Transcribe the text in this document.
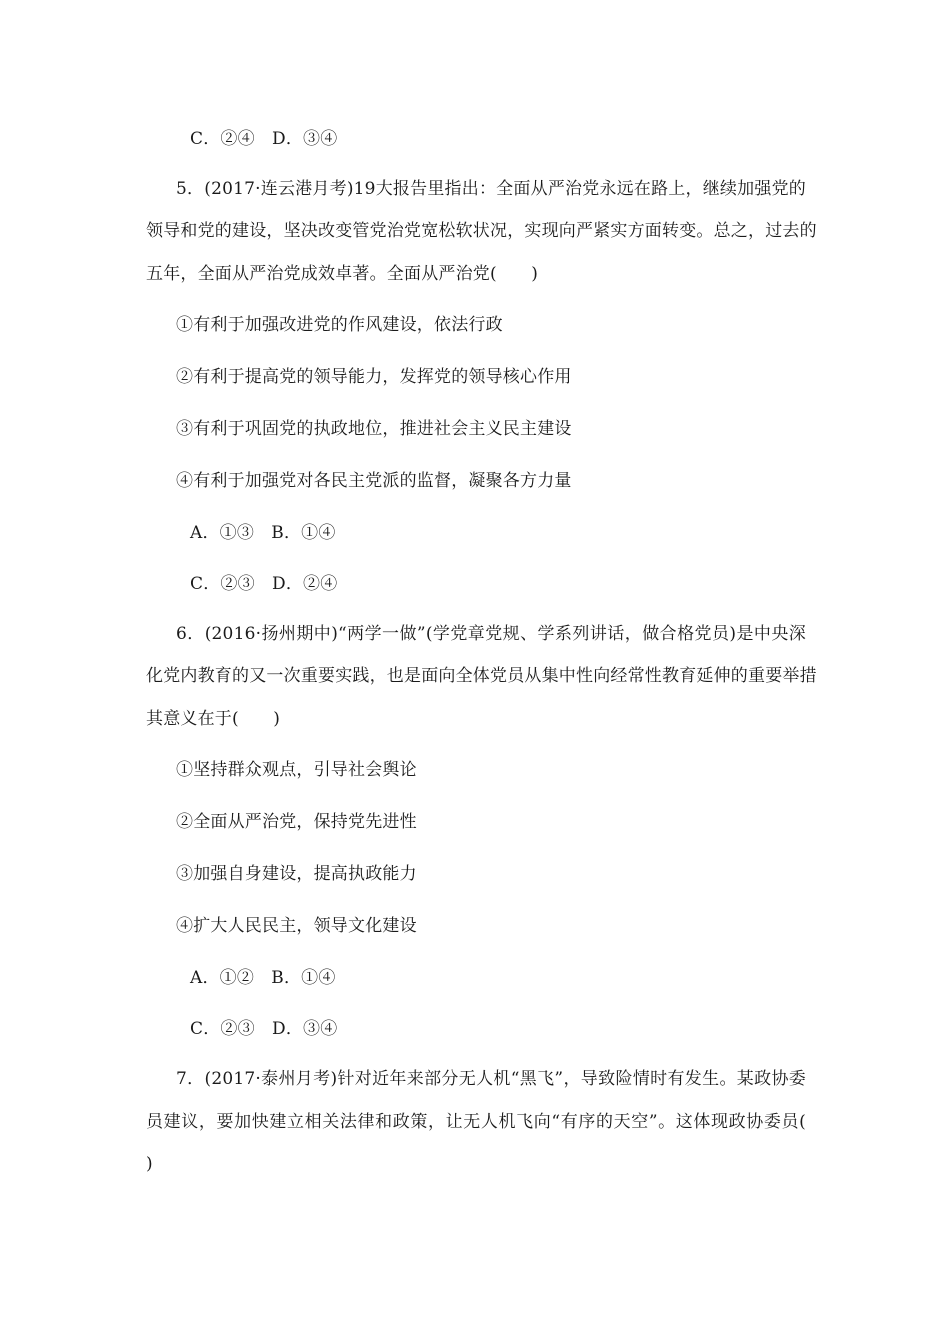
C．②④　D．③④
5．(2017·连云港月考)19大报告里指出：全面从严治党永远在路上，继续加强党的
领导和党的建设，坚决改变管党治党宽松软状况，实现向严紧实方面转变。总之，过去的
五年，全面从严治党成效卓著。全面从严治党(　　)
①有利于加强改进党的作风建设，依法行政
②有利于提高党的领导能力，发挥党的领导核心作用
③有利于巩固党的执政地位，推进社会主义民主建设
④有利于加强党对各民主党派的监督，凝聚各方力量
A．①③　B．①④
C．②③　D．②④
6．(2016·扬州期中)“两学一做”(学党章党规、学系列讲话，做合格党员)是中央深
化党内教育的又一次重要实践，也是面向全体党员从集中性向经常性教育延伸的重要举措
其意义在于(　　)
①坚持群众观点，引导社会舆论
②全面从严治党，保持党先进性
③加强自身建设，提高执政能力
④扩大人民民主，领导文化建设
A．①②　B．①④
C．②③　D．③④
7．(2017·泰州月考)针对近年来部分无人机“黑飞”，导致险情时有发生。某政协委
员建议，要加快建立相关法律和政策，让无人机飞向“有序的天空”。这体现政协委员(
)
